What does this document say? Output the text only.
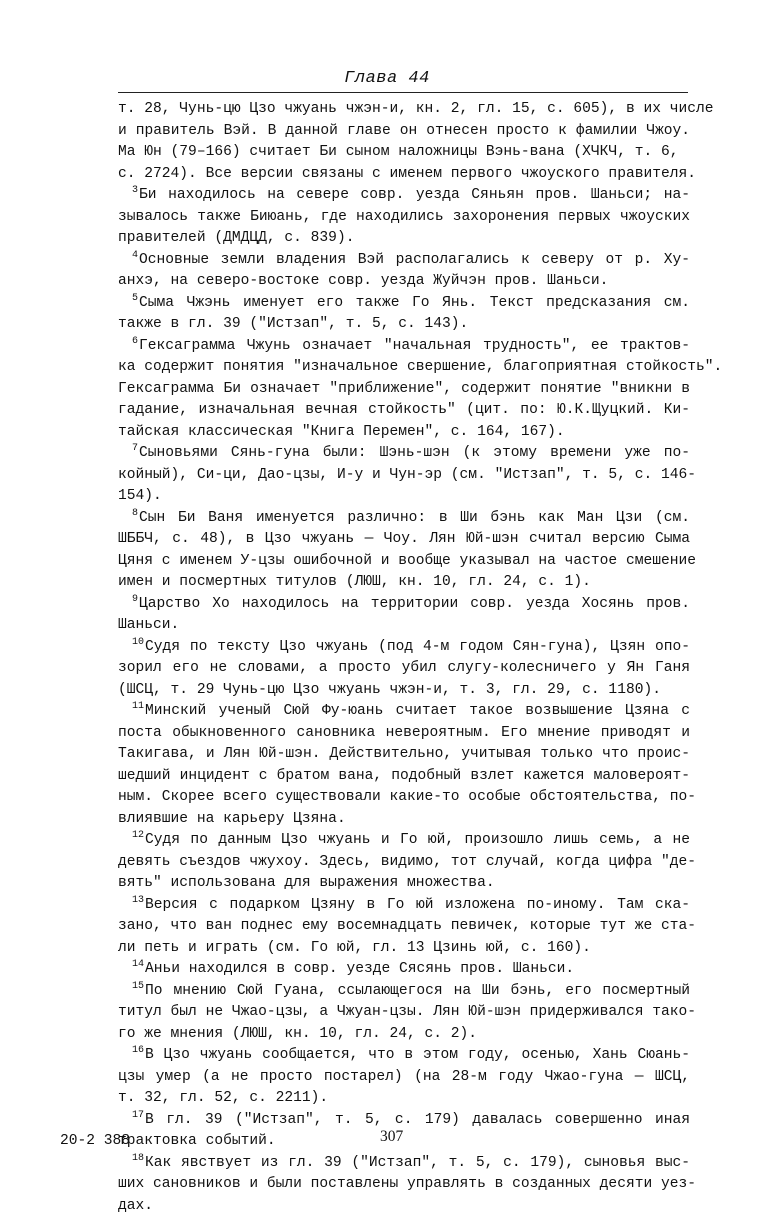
Глава 44
т. 28, Чунь-цю Цзо чжуань чжэн-и, кн. 2, гл. 15, с. 605), в их числе
и правитель Вэй. В данной главе он отнесен просто к фамилии Чжоу.
Ма Юн (79–166) считает Би сыном наложницы Вэнь-вана (ХЧКЧ, т. 6,
с. 2724). Все версии связаны с именем первого чжоуского правителя.
$^3$Би находилось на севере совр. уезда Сяньян пров. Шаньси; на-
зывалось также Биюань, где находились захоронения первых чжоуских
правителей (ДМДЦД, с. 839).
$^4$Основные земли владения Вэй располагались к северу от р. Ху-
анхэ, на северо-востоке совр. уезда Жуйчэн пров. Шаньси.
$^5$Сыма Чжэнь именует его также Го Янь. Текст предсказания см.
также в гл. 39 ("Истзап", т. 5, с. 143).
$^6$Гексаграмма Чжунь означает "начальная трудность", ее трактов-
ка содержит понятия "изначальное свершение, благоприятная стойкость".
Гексаграмма Би означает "приближение", содержит понятие "вникни в
гадание, изначальная вечная стойкость" (цит. по: Ю.К.Щуцкий. Ки-
тайская классическая "Книга Перемен", с. 164, 167).
$^7$Сыновьями Сянь-гуна были: Шэнь-шэн (к этому времени уже по-
койный), Си-ци, Дао-цзы, И-у и Чун-эр (см. "Истзап", т. 5, с. 146-
154).
$^8$Сын Би Ваня именуется различно: в Ши бэнь как Ман Цзи (см.
ШББЧ, с. 48), в Цзо чжуань — Чоу. Лян Юй-шэн считал версию Сыма
Цяня с именем У-цзы ошибочной и вообще указывал на частое смешение
имен и посмертных титулов (ЛЮШ, кн. 10, гл. 24, с. 1).
$^9$Царство Хо находилось на территории совр. уезда Хосянь пров.
Шаньси.
$^{10}$Судя по тексту Цзо чжуань (под 4-м годом Сян-гуна), Цзян опо-
зорил его не словами, а просто убил слугу-колесничего у Ян Ганя
(ШСЦ, т. 29 Чунь-цю Цзо чжуань чжэн-и, т. 3, гл. 29, с. 1180).
$^{11}$Минский ученый Сюй Фу-юань считает такое возвышение Цзяна с
поста обыкновенного сановника невероятным. Его мнение приводят и
Такигава, и Лян Юй-шэн. Действительно, учитывая только что проис-
шедший инцидент с братом вана, подобный взлет кажется маловероят-
ным. Скорее всего существовали какие-то особые обстоятельства, по-
влиявшие на карьеру Цзяна.
$^{12}$Судя по данным Цзо чжуань и Го юй, произошло лишь семь, а не
девять съездов чжухоу. Здесь, видимо, тот случай, когда цифра "де-
вять" использована для выражения множества.
$^{13}$Версия с подарком Цзяну в Го юй изложена по-иному. Там ска-
зано, что ван поднес ему восемнадцать певичек, которые тут же ста-
ли петь и играть (см. Го юй, гл. 13 Цзинь юй, с. 160).
$^{14}$Аньи находился в совр. уезде Сясянь пров. Шаньси.
$^{15}$По мнению Сюй Гуана, ссылающегося на Ши бэнь, его посмертный
титул был не Чжао-цзы, а Чжуан-цзы. Лян Юй-шэн придерживался тако-
го же мнения (ЛЮШ, кн. 10, гл. 24, с. 2).
$^{16}$В Цзо чжуань сообщается, что в этом году, осенью, Хань Сюань-
цзы умер (а не просто постарел) (на 28-м году Чжао-гуна — ШСЦ,
т. 32, гл. 52, с. 2211).
$^{17}$В гл. 39 ("Истзап", т. 5, с. 179) давалась совершенно иная
трактовка событий.
$^{18}$Как явствует из гл. 39 ("Истзап", т. 5, с. 179), сыновья выс-
ших сановников и были поставлены управлять в созданных десяти уез-
дах.
20-2 388	307
